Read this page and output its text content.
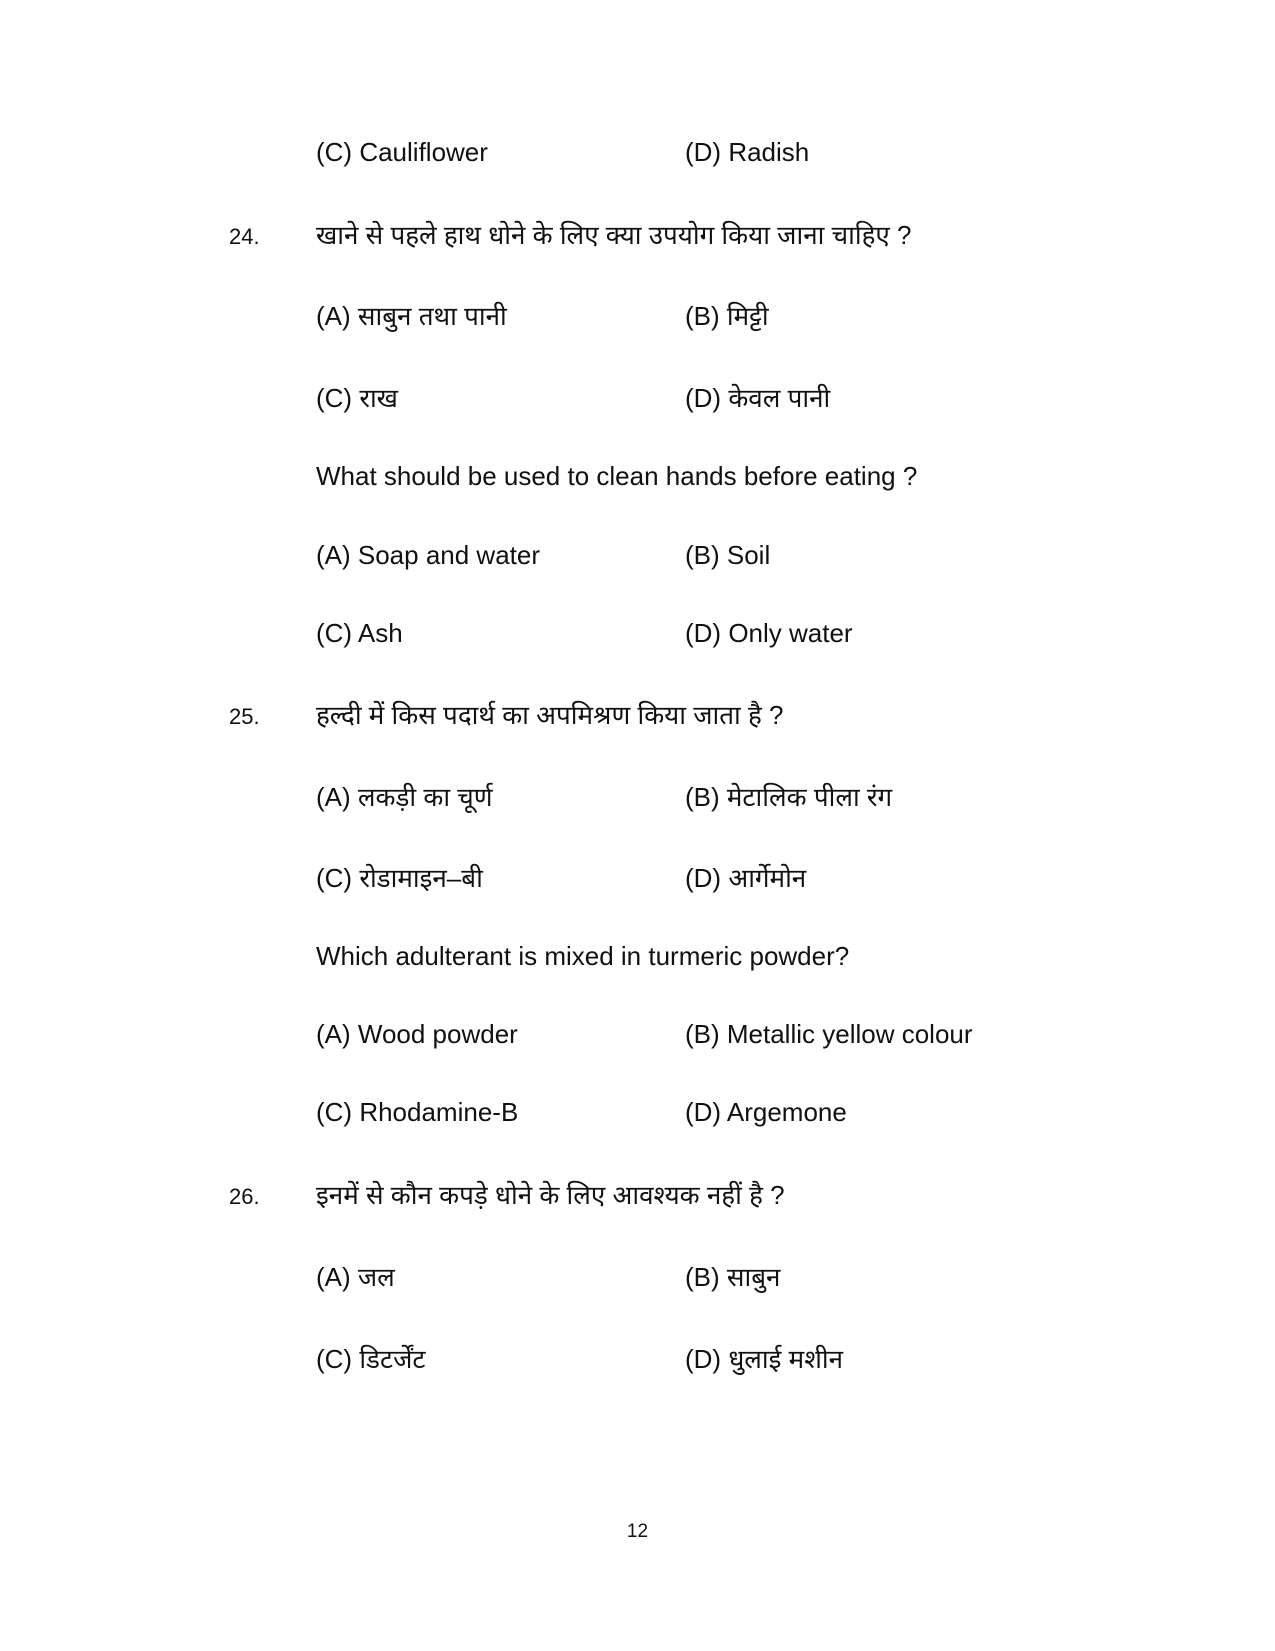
(C) Cauliflower	(D) Radish
24. खाने से पहले हाथ धोने के लिए क्या उपयोग किया जाना चाहिए ?
(A) साबुन तथा पानी	(B) मिट्टी
(C) राख	(D) केवल पानी
What should be used to clean hands before eating ?
(A) Soap and water	(B) Soil
(C) Ash	(D) Only water
25. हल्दी में किस पदार्थ का अपमिश्रण किया जाता है ?
(A) लकड़ी का चूर्ण	(B) मेटालिक पीला रंग
(C) रोडामाइन–बी	(D) आर्गेमोन
Which adulterant is mixed in turmeric powder?
(A) Wood powder	(B) Metallic yellow colour
(C) Rhodamine-B	(D) Argemone
26. इनमें से कौन कपड़े धोने के लिए आवश्यक नहीं है ?
(A) जल	(B) साबुन
(C) डिटर्जेंट	(D) धुलाई मशीन
12
